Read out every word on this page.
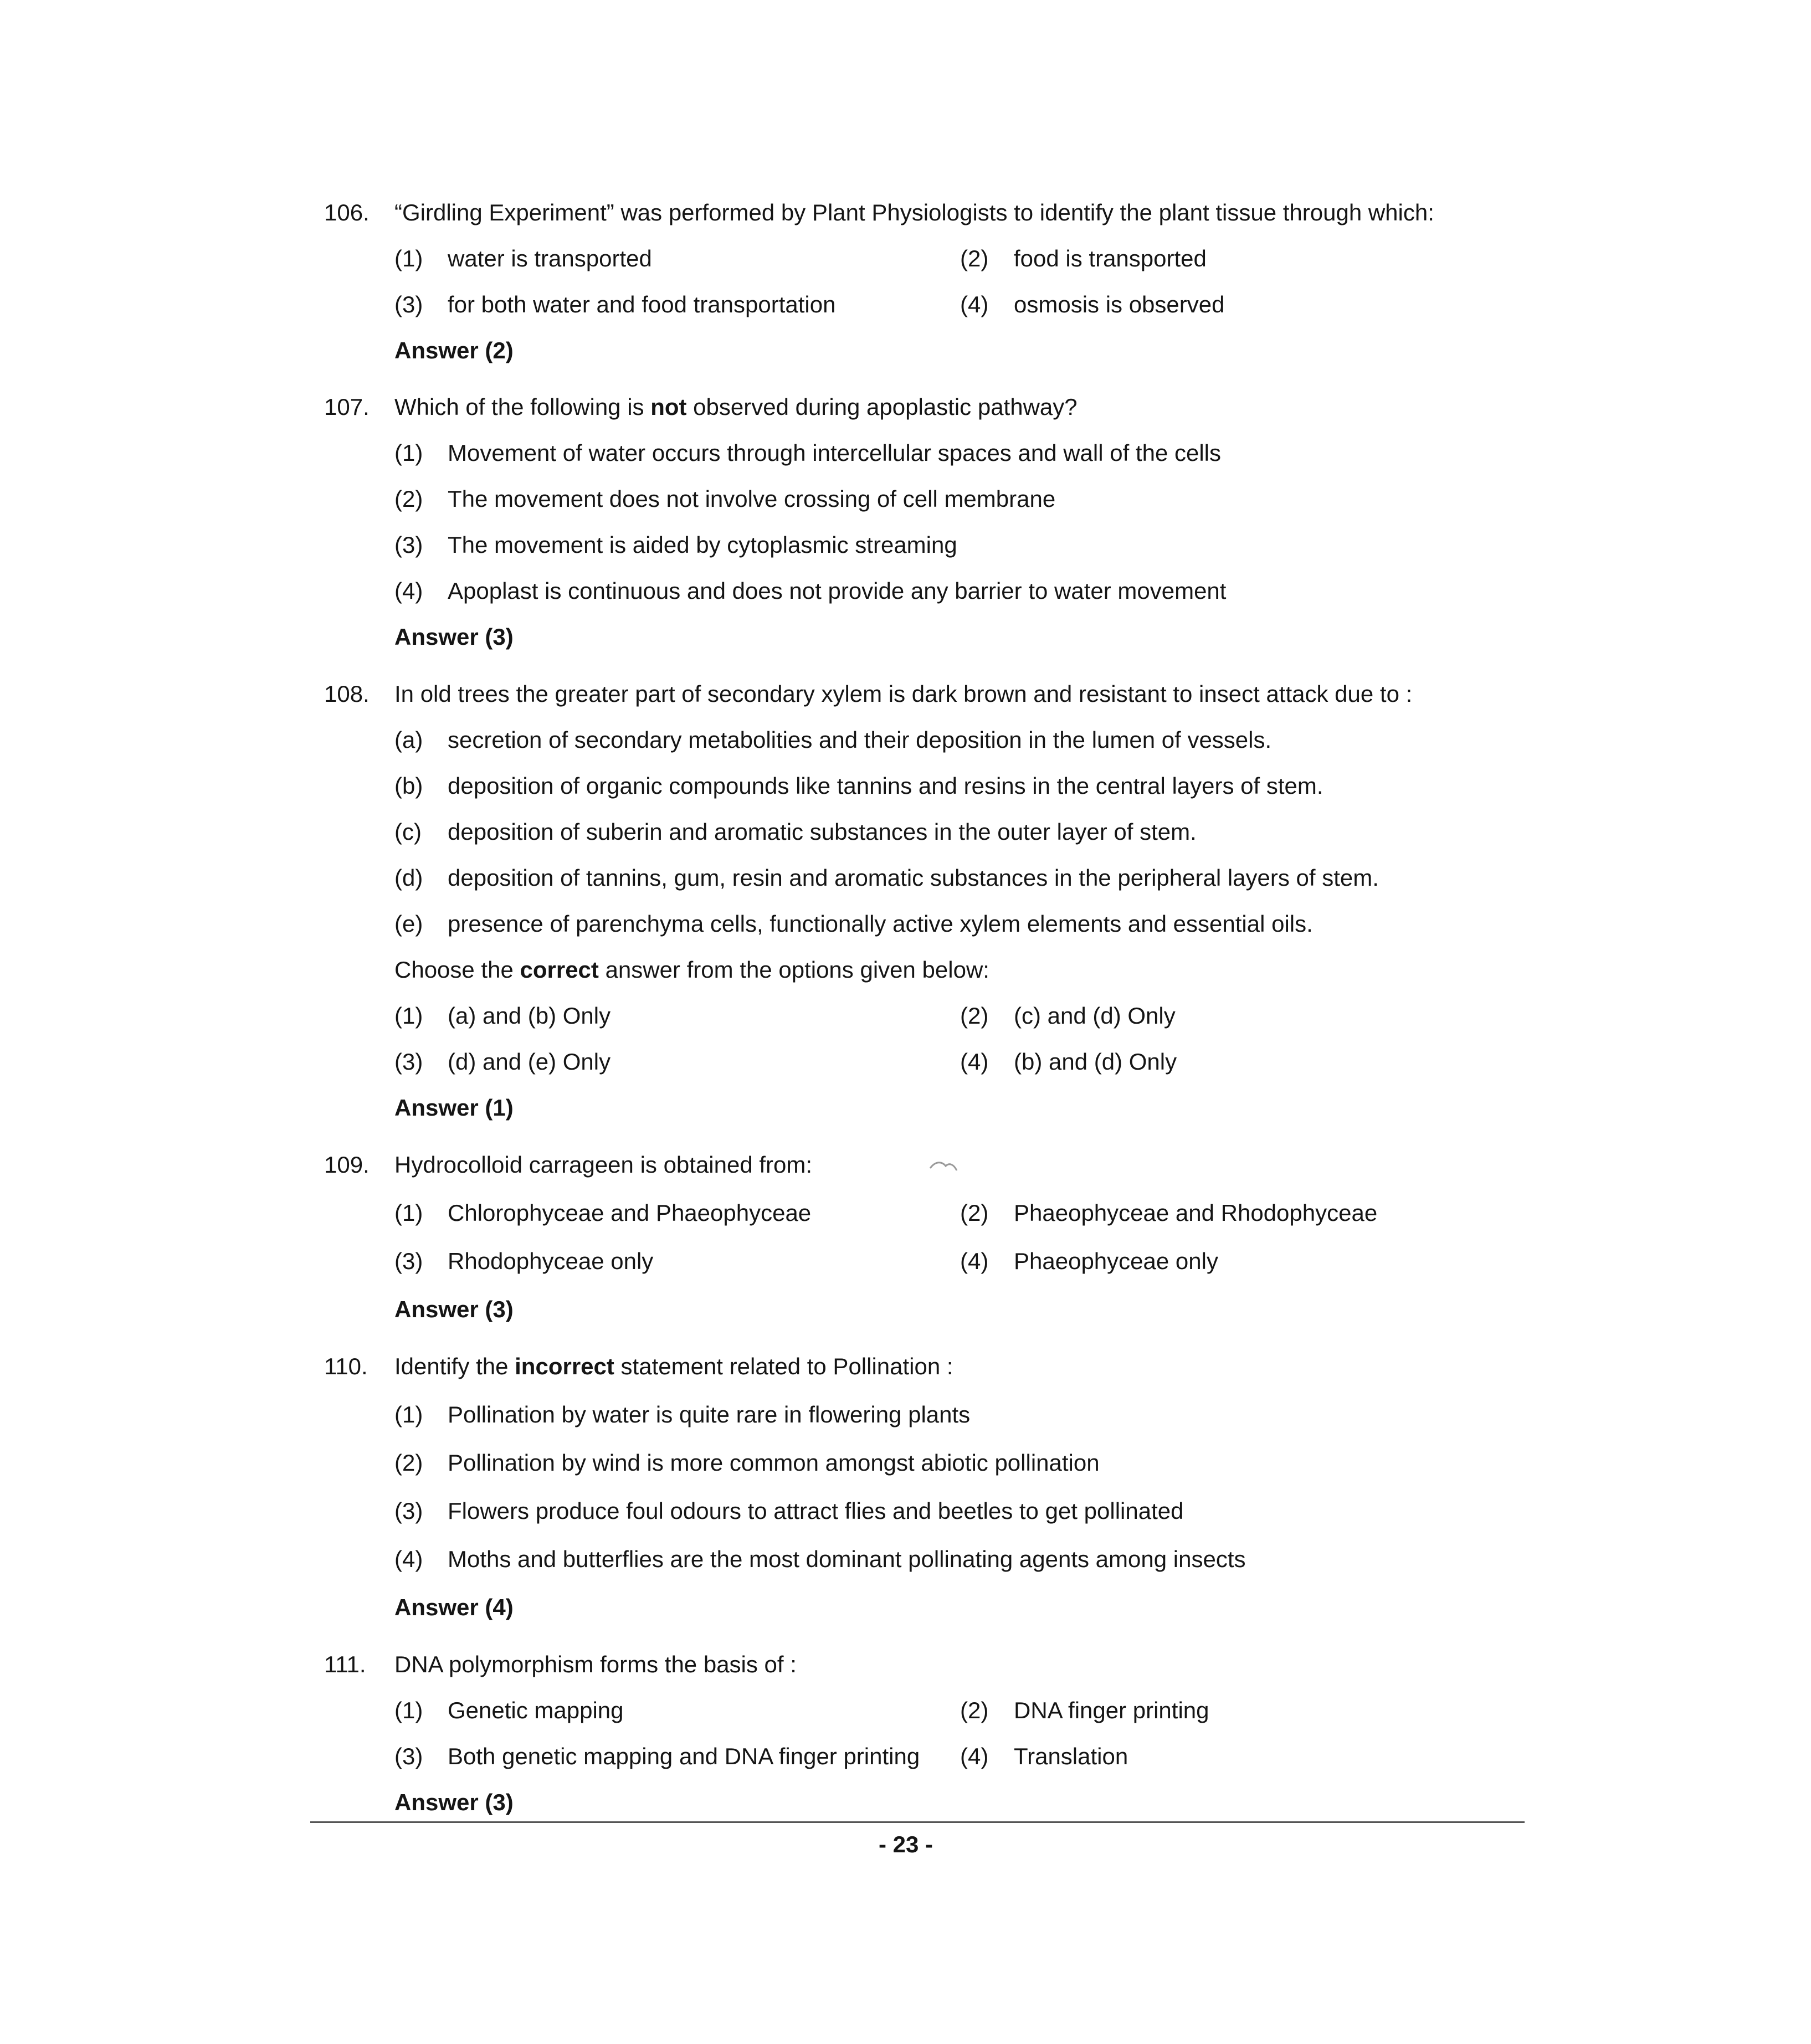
106. “Girdling Experiment” was performed by Plant Physiologists to identify the plant tissue through which:
(1) water is transported	(2) food is transported
(3) for both water and food transportation	(4) osmosis is observed
Answer (2)
107. Which of the following is not observed during apoplastic pathway?
(1) Movement of water occurs through intercellular spaces and wall of the cells
(2) The movement does not involve crossing of cell membrane
(3) The movement is aided by cytoplasmic streaming
(4) Apoplast is continuous and does not provide any barrier to water movement
Answer (3)
108. In old trees the greater part of secondary xylem is dark brown and resistant to insect attack due to :
(a) secretion of secondary metabolities and their deposition in the lumen of vessels.
(b) deposition of organic compounds like tannins and resins in the central layers of stem.
(c) deposition of suberin and aromatic substances in the outer layer of stem.
(d) deposition of tannins, gum, resin and aromatic substances in the peripheral layers of stem.
(e) presence of parenchyma cells, functionally active xylem elements and essential oils.
Choose the correct answer from the options given below:
(1) (a) and (b) Only	(2) (c) and (d) Only
(3) (d) and (e) Only	(4) (b) and (d) Only
Answer (1)
109. Hydrocolloid carrageen is obtained from:
(1) Chlorophyceae and Phaeophyceae	(2) Phaeophyceae and Rhodophyceae
(3) Rhodophyceae only	(4) Phaeophyceae only
Answer (3)
110. Identify the incorrect statement related to Pollination :
(1) Pollination by water is quite rare in flowering plants
(2) Pollination by wind is more common amongst abiotic pollination
(3) Flowers produce foul odours to attract flies and beetles to get pollinated
(4) Moths and butterflies are the most dominant pollinating agents among insects
Answer (4)
111. DNA polymorphism forms the basis of :
(1) Genetic mapping	(2) DNA finger printing
(3) Both genetic mapping and DNA finger printing (4) Translation
Answer (3)
- 23 -
